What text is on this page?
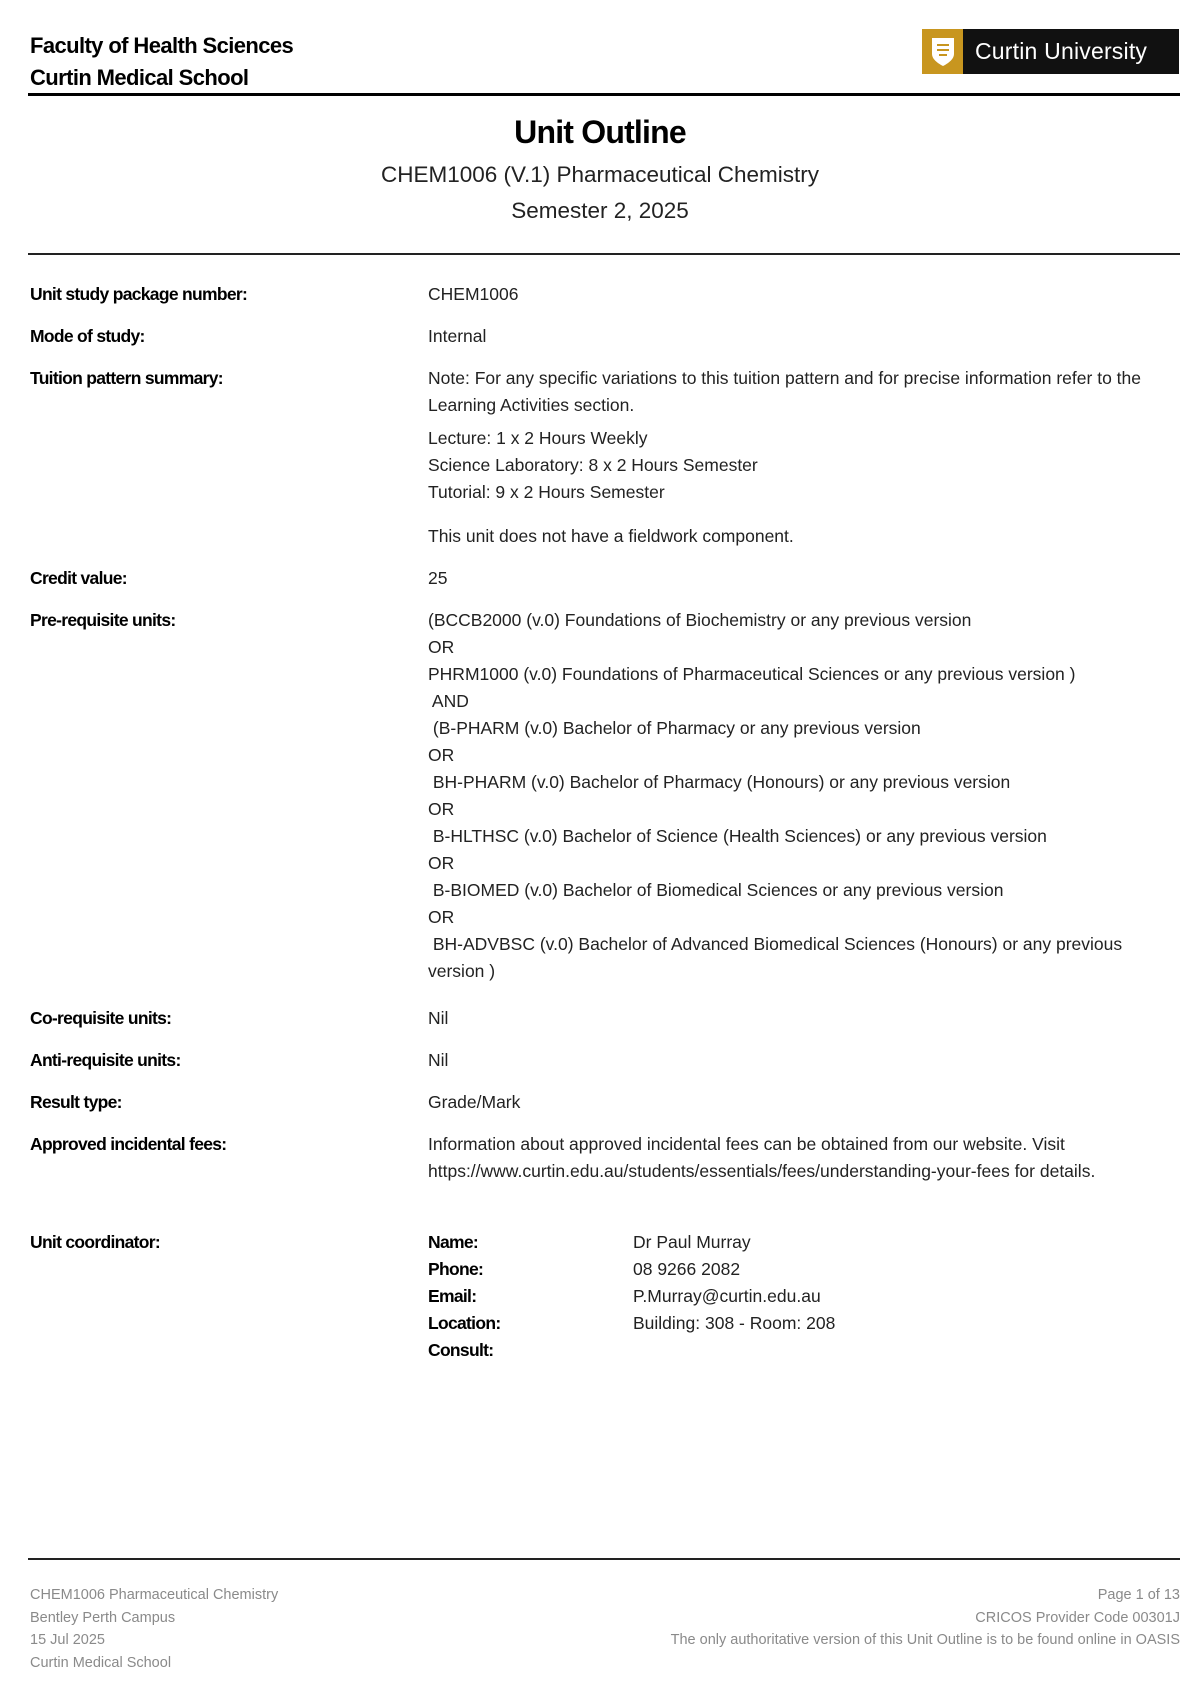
Faculty of Health Sciences
Curtin Medical School
Curtin University
Unit Outline
CHEM1006 (V.1) Pharmaceutical Chemistry
Semester 2, 2025
Unit study package number:	CHEM1006
Mode of study:	Internal
Tuition pattern summary:	Note: For any specific variations to this tuition pattern and for precise information refer to the Learning Activities section.
Lecture: 1 x 2 Hours Weekly
Science Laboratory: 8 x 2 Hours Semester
Tutorial: 9 x 2 Hours Semester
This unit does not have a fieldwork component.
Credit value:	25
Pre-requisite units:	(BCCB2000 (v.0) Foundations of Biochemistry or any previous version
OR
PHRM1000 (v.0) Foundations of Pharmaceutical Sciences or any previous version )
AND
(B-PHARM (v.0) Bachelor of Pharmacy or any previous version
OR
BH-PHARM (v.0) Bachelor of Pharmacy (Honours) or any previous version
OR
B-HLTHSC (v.0) Bachelor of Science (Health Sciences) or any previous version
OR
B-BIOMED (v.0) Bachelor of Biomedical Sciences or any previous version
OR
BH-ADVBSC (v.0) Bachelor of Advanced Biomedical Sciences (Honours) or any previous
version )
Co-requisite units:	Nil
Anti-requisite units:	Nil
Result type:	Grade/Mark
Approved incidental fees:	Information about approved incidental fees can be obtained from our website. Visit https://www.curtin.edu.au/students/essentials/fees/understanding-your-fees for details.
Unit coordinator:	Name:	Dr Paul Murray
Phone:	08 9266 2082
Email:	P.Murray@curtin.edu.au
Location:	Building: 308 - Room: 208
Consult:
CHEM1006 Pharmaceutical Chemistry
Bentley Perth Campus
15 Jul 2025
Curtin Medical School
Page 1 of 13
CRICOS Provider Code 00301J
The only authoritative version of this Unit Outline is to be found online in OASIS
